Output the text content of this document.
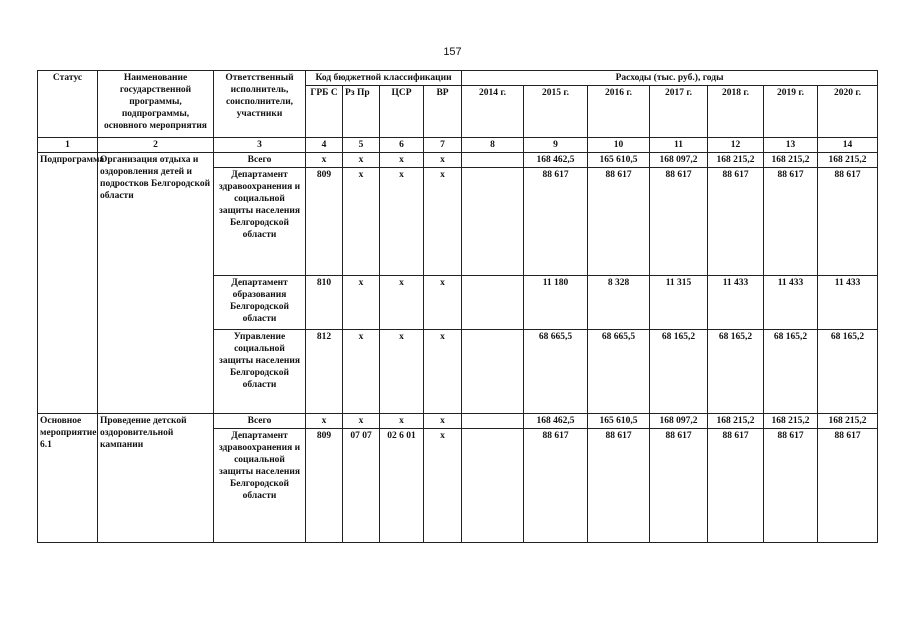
157
Статус	Наименование государственной программы, подпрограммы, основного мероприятия	Ответственный исполнитель, соисполнители, участники	Код бюджетной классификации				Расходы (тыс. руб.), годы						
			ГРБ С	Рз Пр	ЦСР	ВР	2014 г.	2015 г.	2016 г.	2017 г.	2018 г.	2019 г.	2020 г.
1	2	3	4	5	6	7	8	9	10	11	12	13	14
Подпрограмма	Организация отдыха и оздоровления детей и подростков Белгородской области	Всего	х	х	х	х		168 462,5	165 610,5	168 097,2	168 215,2	168 215,2	168 215,2
		Департамент здравоохранения и социальной защиты населения Белгородской области	809	х	х	х		88 617	88 617	88 617	88 617	88 617	88 617
		Департамент образования Белгородской области	810	х	х	х		11 180	8 328	11 315	11 433	11 433	11 433
		Управление социальной защиты населения Белгородской области	812	х	х	х		68 665,5	68 665,5	68 165,2	68 165,2	68 165,2	68 165,2
Основное мероприятие 6.1	Проведение детской оздоровительной кампании	Всего	х	х	х	х		168 462,5	165 610,5	168 097,2	168 215,2	168 215,2	168 215,2
		Департамент здравоохранения и социальной защиты населения Белгородской области	809	07 07	02 6 01	х		88 617	88 617	88 617	88 617	88 617	88 617
